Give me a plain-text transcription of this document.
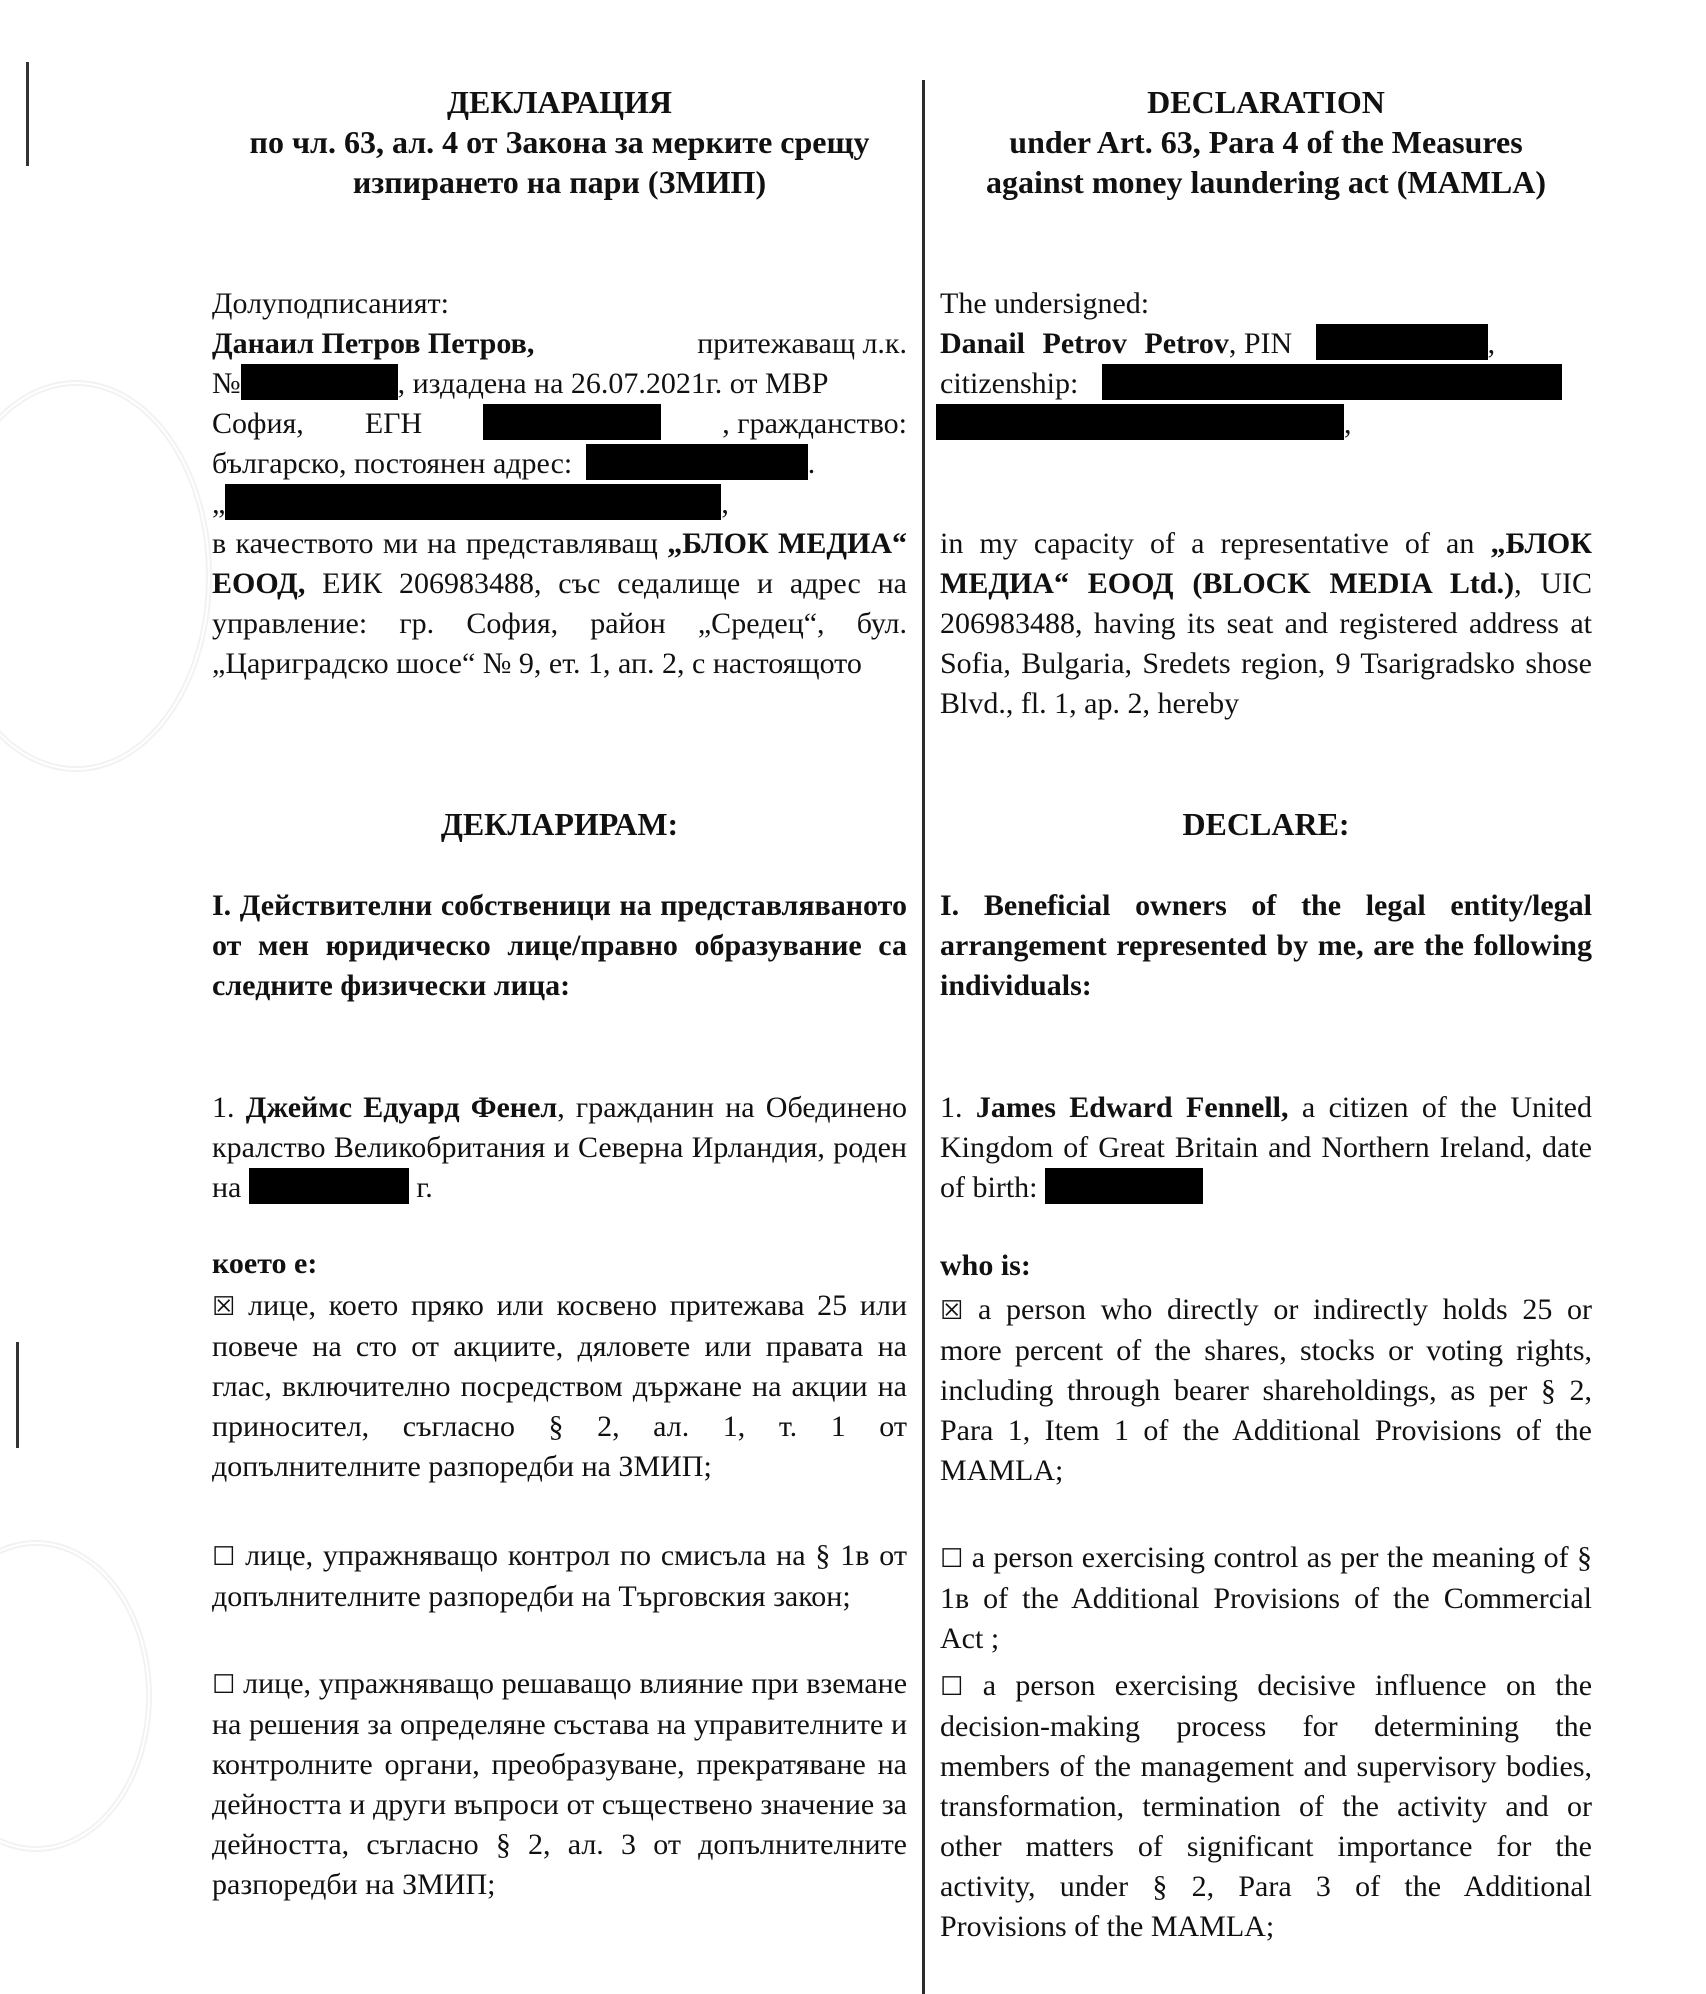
ДЕКЛАРАЦИЯ
по чл. 63, ал. 4 от Закона за мерките срещу
изпирането на пари (ЗМИП)
Долуподписаният:
Данаил Петров Петров,	притежаващ л.к.
№	, издадена на 26.07.2021г. от МВР
София, ЕГН	, гражданство:
българско, постоянен адрес:	.
„	,
в качеството ми на представляващ „БЛОК МЕДИА“ ЕООД, ЕИК 206983488, със седалище и адрес на управление: гр. София, район „Средец“, бул. „Цариградско шосе“ № 9, ет. 1, ап. 2, с настоящото
ДЕКЛАРИРАМ:
I. Действителни собственици на представляваното от мен юридическо лице/правно образувание са следните физически лица:
1. Джеймс Едуард Фенел, гражданин на Обединено кралство Великобритания и Северна Ирландия, роден на	г.
което е:
☒ лице, което пряко или косвено притежава 25 или повече на сто от акциите, дяловете или правата на глас, включително посредством държане на акции на приносител, съгласно § 2, ал. 1, т. 1 от допълнителните разпоредби на ЗМИП;
☐ лице, упражняващо контрол по смисъла на § 1в от допълнителните разпоредби на Търговския закон;
☐ лице, упражняващо решаващо влияние при вземане на решения за определяне състава на управителните и контролните органи, преобразуване, прекратяване на дейността и други въпроси от съществено значение за дейността, съгласно § 2, ал. 3 от допълнителните разпоредби на ЗМИП;
DECLARATION
under Art. 63, Para 4 of the Measures
against money laundering act (MAMLA)
The undersigned:
Danail Petrov Petrov, PIN	,
citizenship:
,
in my capacity of a representative of an „БЛОК МЕДИА“ ЕООД (BLOCK MEDIA Ltd.), UIC 206983488, having its seat and registered address at Sofia, Bulgaria, Sredets region, 9 Tsarigradsko shose Blvd., fl. 1, ap. 2, hereby
DECLARE:
I. Beneficial owners of the legal entity/legal arrangement represented by me, are the following individuals:
1. James Edward Fennell, a citizen of the United Kingdom of Great Britain and Northern Ireland, date of birth:
who is:
☒ a person who directly or indirectly holds 25 or more percent of the shares, stocks or voting rights, including through bearer shareholdings, as per § 2, Para 1, Item 1 of the Additional Provisions of the MAMLA;
☐ a person exercising control as per the meaning of § 1в of the Additional Provisions of the Commercial Act ;
☐ a person exercising decisive influence on the decision-making process for determining the members of the management and supervisory bodies, transformation, termination of the activity and or other matters of significant importance for the activity, under § 2, Para 3 of the Additional Provisions of the MAMLA;
